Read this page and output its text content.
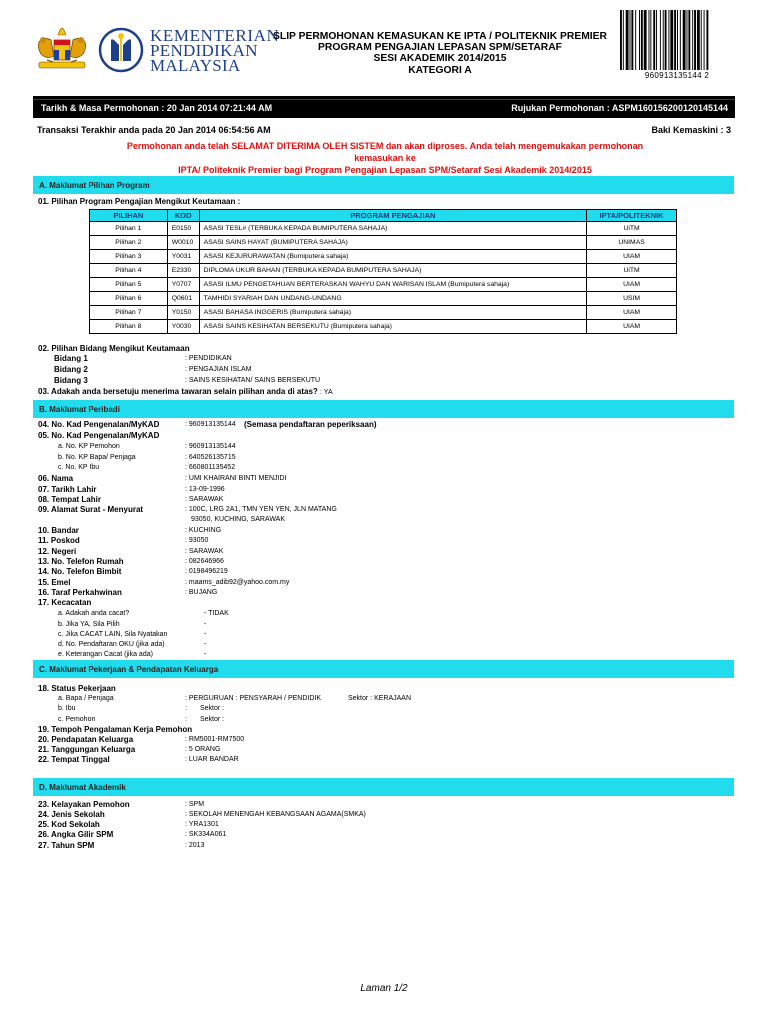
KEMENTERIAN
PENDIDIKAN
MALAYSIA
SLIP PERMOHONAN KEMASUKAN KE IPTA / POLITEKNIK PREMIER
PROGRAM PENGAJIAN LEPASAN SPM/SETARAF
SESI AKADEMIK 2014/2015
KATEGORI A	960913135144 2
Tarikh & Masa Permohonan : 20 Jan 2014 07:21:44 AM	Rujukan Permohonan : ASPM160156200120145144
Transaksi Terakhir anda pada 20 Jan 2014 06:54:56 AM	Baki Kemaskini : 3
Permohonan anda telah SELAMAT DITERIMA OLEH SISTEM dan akan diproses. Anda telah mengemukakan permohonan kemasukan ke
IPTA/ Politeknik Premier bagi Program Pengajian Lepasan SPM/Setaraf Sesi Akademik 2014/2015
A. Maklumat Pilihan Program
01. Pilihan Program Pengajian Mengikut Keutamaan :
PILIHAN	KOD	PROGRAM PENGAJIAN	IPTA/POLITEKNIK
Pilihan 1	E0150	ASASI TESL# (TERBUKA KEPADA BUMIPUTERA SAHAJA)	UiTM
Pilihan 2	W0010	ASASI SAINS HAYAT (BUMIPUTERA SAHAJA)	UNIMAS
Pilihan 3	Y0031	ASASI KEJURURAWATAN (Bumiputera sahaja)	UIAM
Pilihan 4	E2330	DIPLOMA UKUR BAHAN (TERBUKA KEPADA BUMIPUTERA SAHAJA)	UiTM
Pilihan 5	Y0707	ASASI ILMU PENGETAHUAN BERTERASKAN WAHYU DAN WARISAN ISLAM (Bumiputera sahaja)	UIAM
Pilihan 6	Q0601	TAMHIDI SYARIAH DAN UNDANG-UNDANG	USIM
Pilihan 7	Y0150	ASASI BAHASA INGGERIS (Bumiputera sahaja)	UIAM
Pilihan 8	Y0030	ASASI SAINS KESIHATAN BERSEKUTU (Bumiputera sahaja)	UIAM
02. Pilihan Bidang Mengikut Keutamaan
Bidang 1	: PENDIDIKAN
Bidang 2	: PENGAJIAN ISLAM
Bidang 3	: SAINS KESIHATAN/ SAINS BERSEKUTU
03. Adakah anda bersetuju menerima tawaran selain pilihan anda di atas? : YA
B. Maklumat Peribadi
04. No. Kad Pengenalan/MyKAD	: 960913135144 (Semasa pendaftaran peperiksaan)
05. No. Kad Pengenalan/MyKAD
a. No. KP Pemohon	: 960913135144
b. No. KP Bapa/ Penjaga	: 640526135715
c. No. KP Ibu	: 660801135452
06. Nama	: UMI KHAIRANI BINTI MENJIDI
07. Tarikh Lahir	: 13-09-1996
08. Tempat Lahir	: SARAWAK
09. Alamat Surat - Menyurat	: 100C, LRG 2A1, TMN YEN YEN, JLN MATANG
93050, KUCHING, SARAWAK
10. Bandar	: KUCHING
11. Poskod	: 93050
12. Negeri	: SARAWAK
13. No. Telefon Rumah	: 082646966
14. No. Telefon Bimbit	: 0198496219
15. Emel	: maams_adib92@yahoo.com.my
16. Taraf Perkahwinan	: BUJANG
17. Kecacatan
a. Adakah anda cacat?	- TIDAK
b. Jika YA, Sila Pilih	-
c. Jika CACAT LAIN, Sila Nyatakan	-
d. No. Pendaftaran OKU (jika ada)	-
e. Keterangan Cacat (jika ada)	-
C. Maklumat Pekerjaan & Pendapatan Keluarga
18. Status Pekerjaan
a. Bapa / Penjaga	: PERGURUAN : PENSYARAH / PENDIDIK	Sektor : KERAJAAN
b. Ibu	: Sektor :
c. Pemohon	: Sektor :
19. Tempoh Pengalaman Kerja Pemohon
20. Pendapatan Keluarga	: RM5001-RM7500
21. Tanggungan Keluarga	: 5 ORANG
22. Tempat Tinggal	: LUAR BANDAR
D. Maklumat Akademik
23. Kelayakan Pemohon	: SPM
24. Jenis Sekolah	: SEKOLAH MENENGAH KEBANGSAAN AGAMA(SMKA)
25. Kod Sekolah	: YRA1301
26. Angka Gilir SPM	: SK334A061
27. Tahun SPM	: 2013
Laman 1/2
